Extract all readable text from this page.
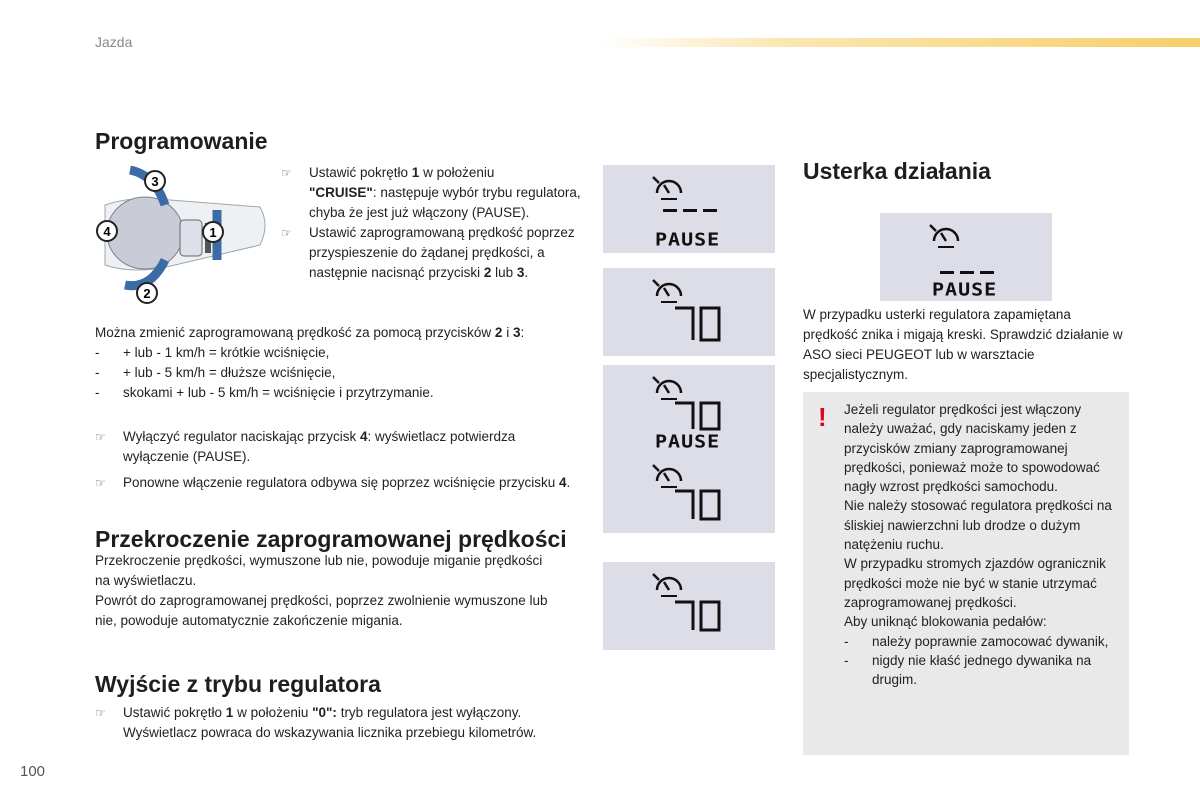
Jazda
100
Programowanie
3
4	1
2

☞ Ustawić pokrętło 1 w położeniu
"CRUISE": następuje wybór trybu regulatora, chyba że jest już włączony (PAUSE).

☞ Ustawić zaprogramowaną prędkość poprzez przyspieszenie do żądanej prędkości, a następnie nacisnąć przyciski 2 lub 3.

Można zmienić zaprogramowaną prędkość za pomocą przycisków 2 i 3:

- + lub - 1 km/h = krótkie wciśnięcie,

- + lub - 5 km/h = dłuższe wciśnięcie,

- skokami + lub - 5 km/h = wciśnięcie i przytrzymanie.

☞ Wyłączyć regulator naciskając przycisk 4: wyświetlacz potwierdza wyłączenie (PAUSE).

☞ Ponowne włączenie regulatora odbywa się poprzez wciśnięcie przycisku 4.

Przekroczenie zaprogramowanej prędkości

Przekroczenie prędkości, wymuszone lub nie, powoduje miganie prędkości na wyświetlaczu.

Powrót do zaprogramowanej prędkości, poprzez zwolnienie wymuszone lub nie, powoduje automatycznie zakończenie migania.

Wyjście z trybu regulatora

☞ Ustawić pokrętło 1 w położeniu "0": tryb regulatora jest wyłączony. Wyświetlacz powraca do wskazywania licznika przebiegu kilometrów.

PAUSE
PAUSE
Usterka działania
PAUSE

W przypadku usterki regulatora zapamiętana prędkość znika i migają kreski. Sprawdzić działanie w ASO sieci PEUGEOT lub w warsztacie specjalistycznym.

! Jeżeli regulator prędkości jest włączony należy uważać, gdy naciskamy jeden z przycisków zmiany zaprogramowanej prędkości, ponieważ może to spowodować nagły wzrost prędkości samochodu.

Nie należy stosować regulatora prędkości na śliskiej nawierzchni lub drodze o dużym natężeniu ruchu.

W przypadku stromych zjazdów ogranicznik prędkości może nie być w stanie utrzymać zaprogramowanej prędkości.

Aby uniknąć blokowania pedałów:

- należy poprawnie zamocować dywanik,

- nigdy nie kłaść jednego dywanika na drugim.
